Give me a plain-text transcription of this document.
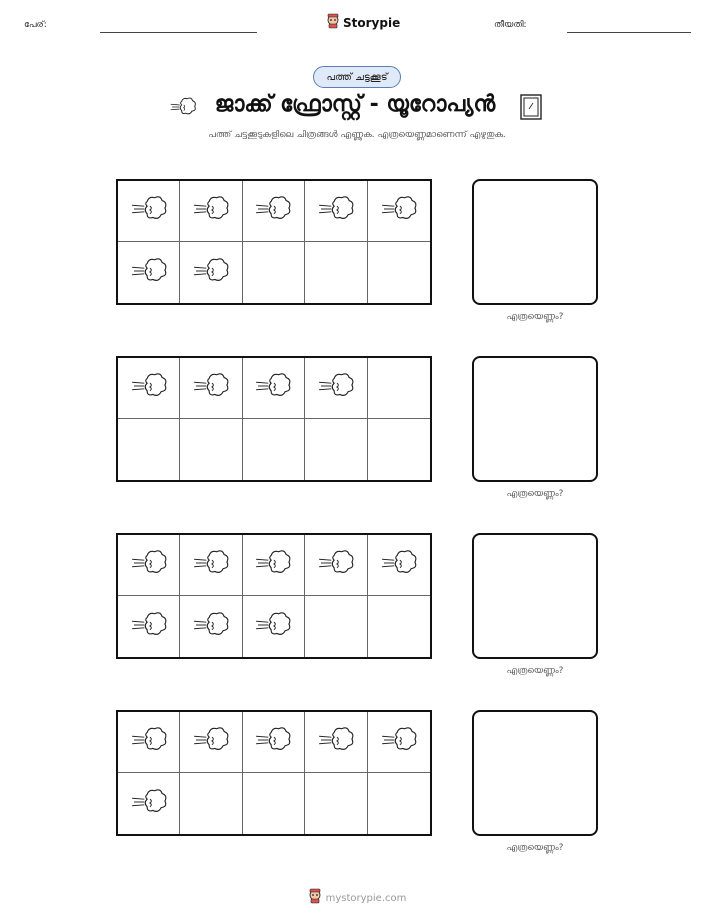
പേര്:	Storypie	തീയതി:
പത്ത് ചട്ടക്കൂട്
ജാക്ക് ഫ്രോസ്റ്റ് - യൂറോപ്യൻ
പത്ത് ചട്ടക്കൂടുകളിലെ ചിത്രങ്ങൾ എണ്ണുക. എത്രയെണ്ണമാണെന്ന് എഴുതുക.
എത്രയെണ്ണം?
എത്രയെണ്ണം?
എത്രയെണ്ണം?
എത്രയെണ്ണം?
mystorypie.com
